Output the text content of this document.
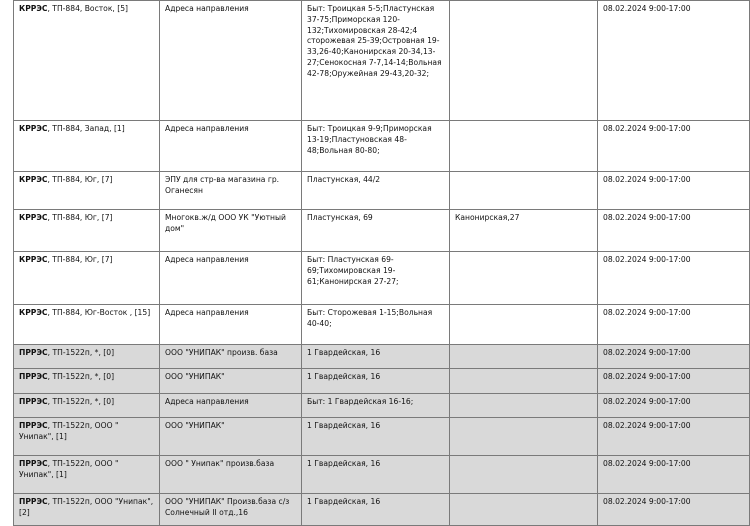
КРРЭС, ТП-884, Восток, [5]	Адреса направления	Быт: Троицкая 5-5;Пластунская 37-75;Приморская 120-132;Тихомировская 28-42;4 сторожевая 25-39;Островная 19-33,26-40;Канонирская 20-34,13-27;Сенокосная 7-7,14-14;Вольная 42-78;Оружейная 29-43,20-32;		08.02.2024 9:00-17:00
КРРЭС, ТП-884, Запад, [1]	Адреса направления	Быт: Троицкая 9-9;Приморская 13-19;Пластуновская 48-48;Вольная 80-80;		08.02.2024 9:00-17:00
КРРЭС, ТП-884, Юг, [7]	ЭПУ для стр-ва магазина гр. Оганесян	Пластунская, 44/2		08.02.2024 9:00-17:00
КРРЭС, ТП-884, Юг, [7]	Многокв.ж/д ООО УК "Уютный дом"	Пластунская, 69	Канонирская,27	08.02.2024 9:00-17:00
КРРЭС, ТП-884, Юг, [7]	Адреса направления	Быт: Пластунская 69-69;Тихомировская 19-61;Канонирская 27-27;		08.02.2024 9:00-17:00
КРРЭС, ТП-884, Юг-Восток , [15]	Адреса направления	Быт: Сторожевая 1-15;Вольная 40-40;		08.02.2024 9:00-17:00
ПРРЭС, ТП-1522п, *, [0]	ООО "УНИПАК" произв. база	1 Гвардейская, 16		08.02.2024 9:00-17:00
ПРРЭС, ТП-1522п, *, [0]	ООО "УНИПАК"	1 Гвардейская, 16		08.02.2024 9:00-17:00
ПРРЭС, ТП-1522п, *, [0]	Адреса направления	Быт: 1 Гвардейская 16-16;		08.02.2024 9:00-17:00
ПРРЭС, ТП-1522п, ООО " Унипак", [1]	ООО "УНИПАК"	1 Гвардейская, 16		08.02.2024 9:00-17:00
ПРРЭС, ТП-1522п, ООО " Унипак", [1]	ООО " Унипак" произв.база	1 Гвардейская, 16		08.02.2024 9:00-17:00
ПРРЭС, ТП-1522п, ООО "Унипак", [2]	ООО "УНИПАК" Произв.база с/з Солнечный II отд.,16	1 Гвардейская, 16		08.02.2024 9:00-17:00
